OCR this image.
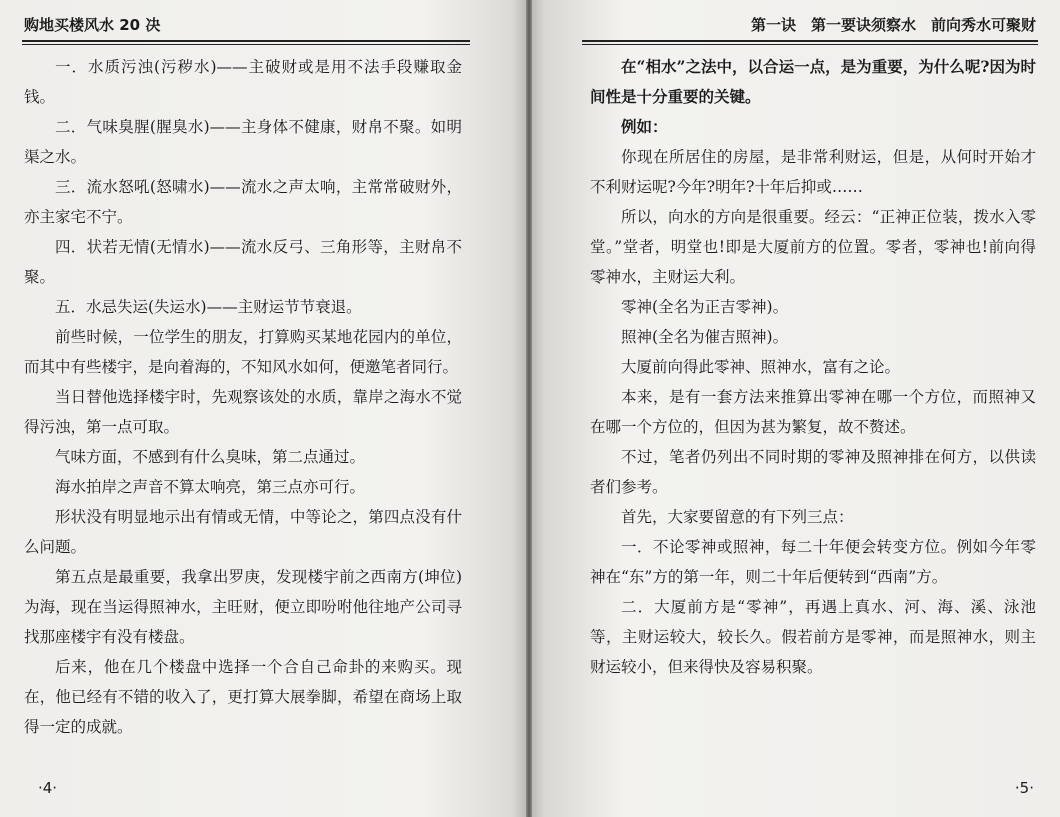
购地买楼风水 20 决

一．水质污浊(污秽水)——主破财或是用不法手段赚取金钱。

二．气味臭腥(腥臭水)——主身体不健康，财帛不聚。如明渠之水。

三．流水怒吼(怒啸水)——流水之声太响，主常常破财外，亦主家宅不宁。

四．状若无情(无情水)——流水反弓、三角形等，主财帛不聚。

五．水忌失运(失运水)——主财运节节衰退。

前些时候，一位学生的朋友，打算购买某地花园内的单位，而其中有些楼宇，是向着海的，不知风水如何，便邀笔者同行。

当日替他选择楼宇时，先观察该处的水质，靠岸之海水不觉得污浊，第一点可取。

气味方面，不感到有什么臭味，第二点通过。

海水拍岸之声音不算太响亮，第三点亦可行。

形状没有明显地示出有情或无情，中等论之，第四点没有什么问题。

第五点是最重要，我拿出罗庚，发现楼宇前之西南方(坤位)为海，现在当运得照神水，主旺财，便立即吩咐他往地产公司寻找那座楼宇有没有楼盘。

后来，他在几个楼盘中选择一个合自己命卦的来购买。现在，他已经有不错的收入了，更打算大展拳脚，希望在商场上取得一定的成就。

·4·
第一诀　第一要诀须察水　前向秀水可聚财

在“相水”之法中，以合运一点，是为重要，为什么呢?因为时间性是十分重要的关键。

例如：

你现在所居住的房屋，是非常利财运，但是，从何时开始才不利财运呢?今年?明年?十年后抑或……

所以，向水的方向是很重要。经云：“正神正位装，拨水入零堂。”堂者，明堂也!即是大厦前方的位置。零者，零神也!前向得零神水，主财运大利。

零神(全名为正吉零神)。

照神(全名为催吉照神)。

大厦前向得此零神、照神水，富有之论。

本来，是有一套方法来推算出零神在哪一个方位，而照神又在哪一个方位的，但因为甚为繁复，故不赘述。

不过，笔者仍列出不同时期的零神及照神排在何方，以供读者们参考。

首先，大家要留意的有下列三点：

一．不论零神或照神，每二十年便会转变方位。例如今年零神在“东”方的第一年，则二十年后便转到“西南”方。

二．大厦前方是“零神”，再遇上真水、河、海、溪、泳池等，主财运较大，较长久。假若前方是零神，而是照神水，则主财运较小，但来得快及容易积聚。

·5·
